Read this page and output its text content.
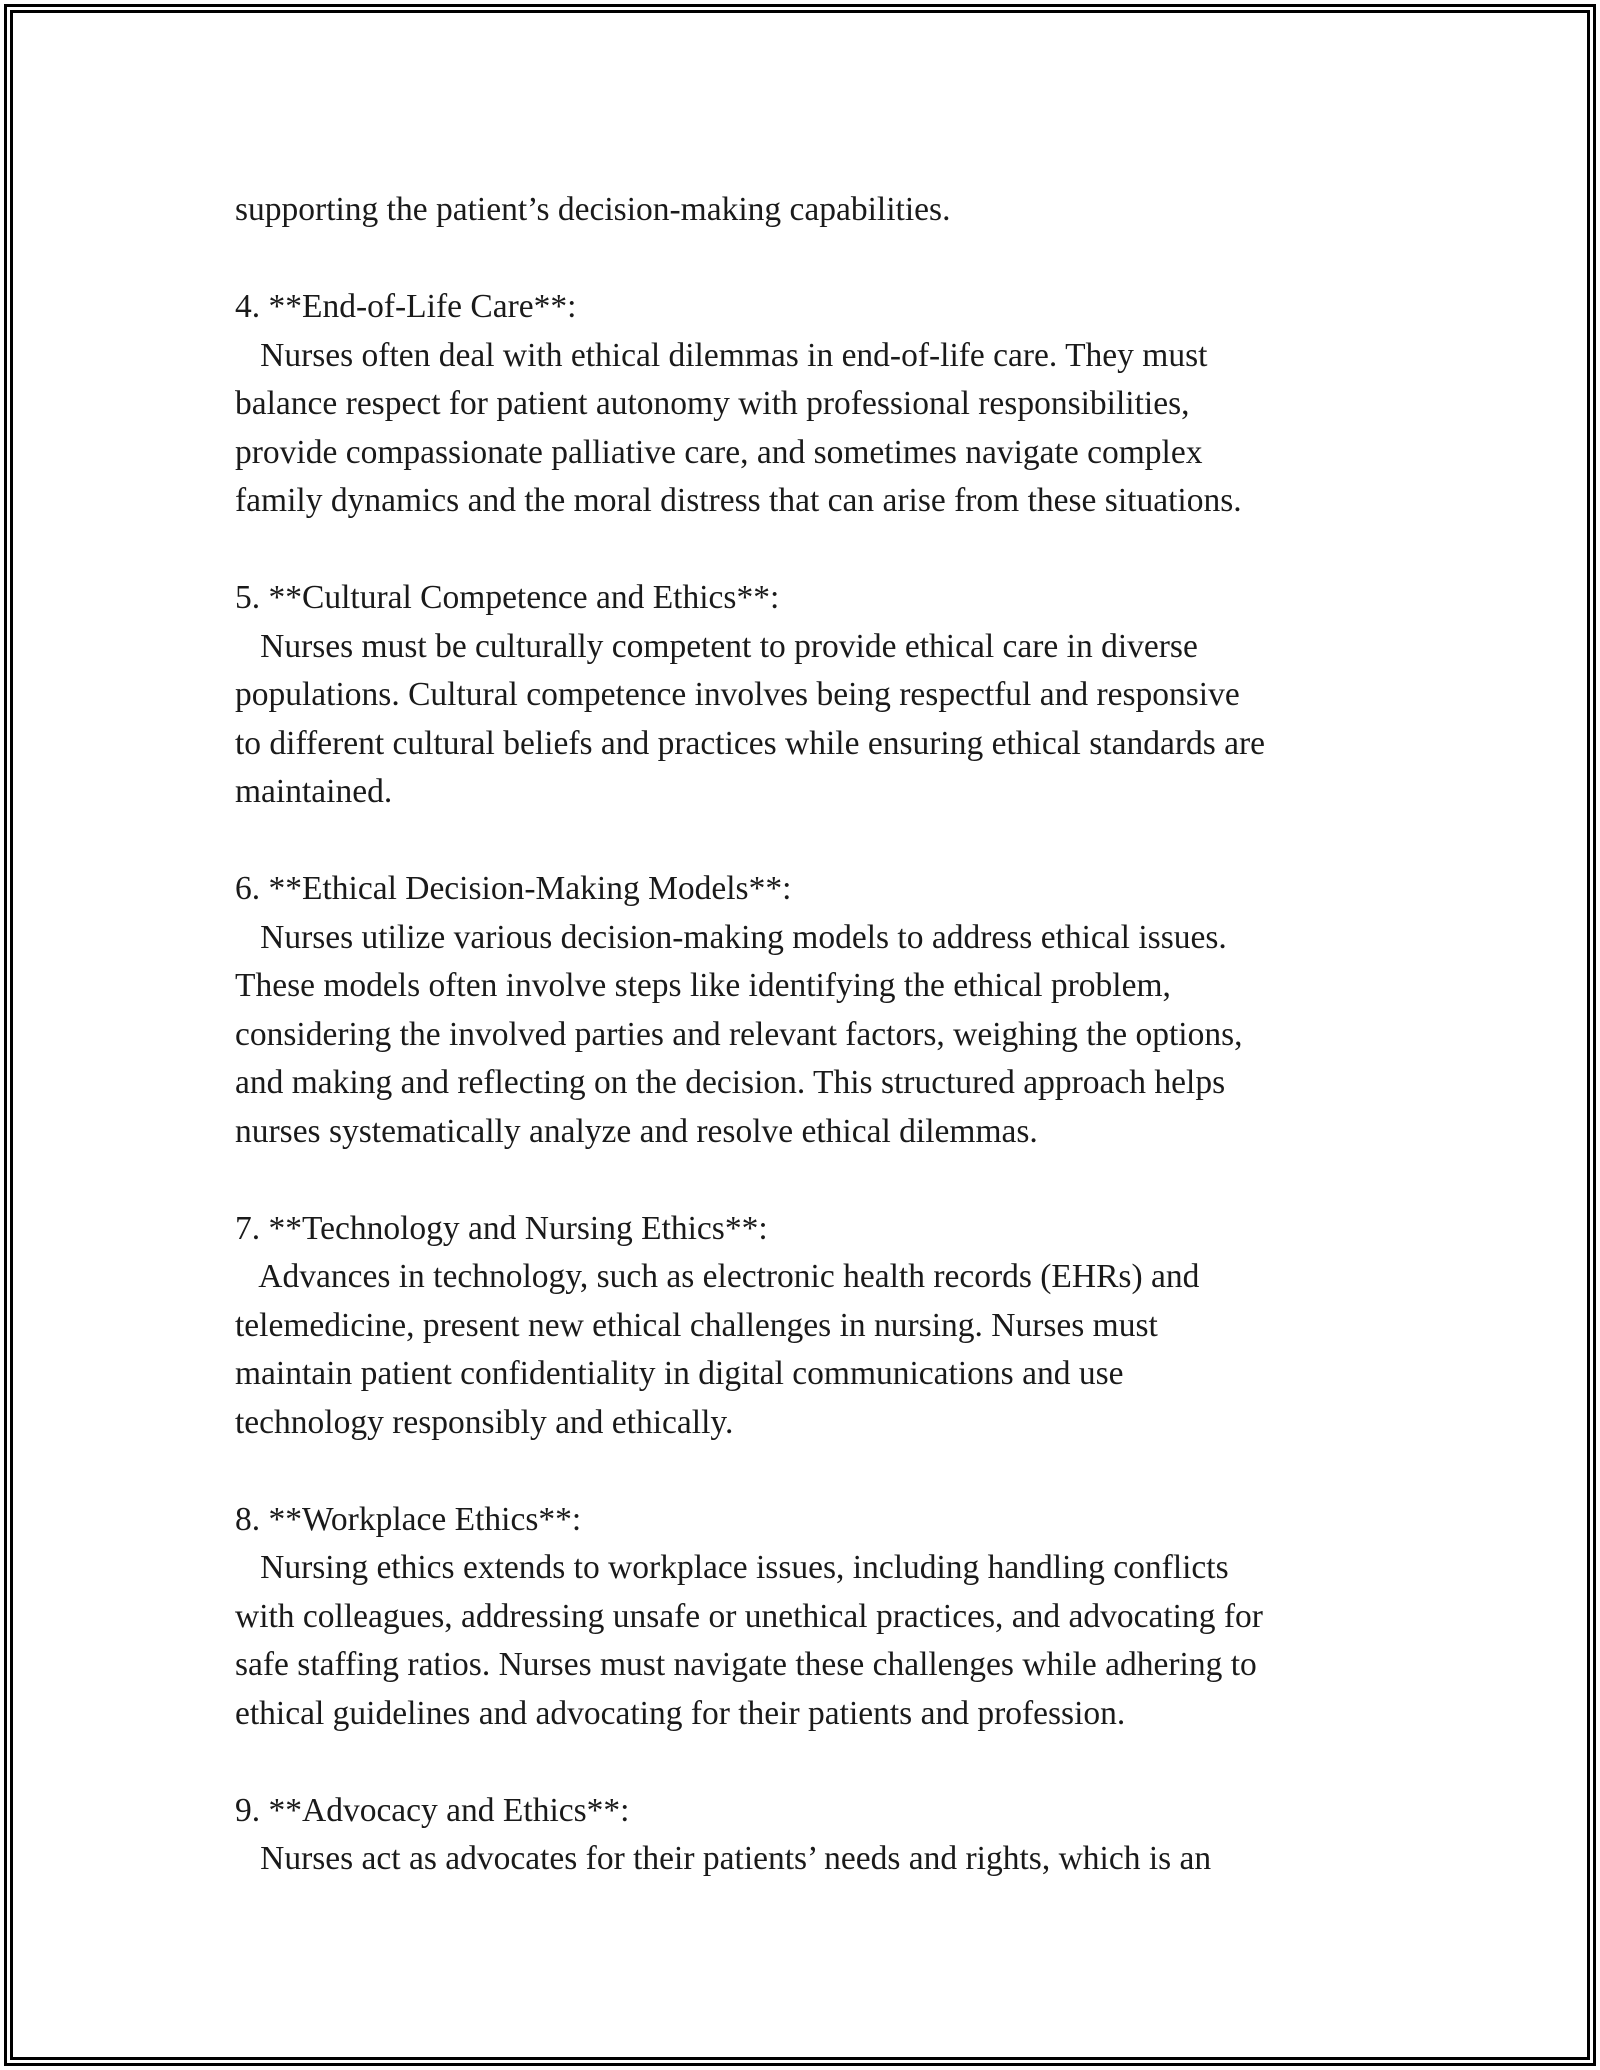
supporting the patient’s decision-making capabilities.
4. **End-of-Life Care**:
Nurses often deal with ethical dilemmas in end-of-life care. They must
balance respect for patient autonomy with professional responsibilities,
provide compassionate palliative care, and sometimes navigate complex
family dynamics and the moral distress that can arise from these situations.
5. **Cultural Competence and Ethics**:
Nurses must be culturally competent to provide ethical care in diverse
populations. Cultural competence involves being respectful and responsive
to different cultural beliefs and practices while ensuring ethical standards are
maintained.
6. **Ethical Decision-Making Models**:
Nurses utilize various decision-making models to address ethical issues.
These models often involve steps like identifying the ethical problem,
considering the involved parties and relevant factors, weighing the options,
and making and reflecting on the decision. This structured approach helps
nurses systematically analyze and resolve ethical dilemmas.
7. **Technology and Nursing Ethics**:
Advances in technology, such as electronic health records (EHRs) and
telemedicine, present new ethical challenges in nursing. Nurses must
maintain patient confidentiality in digital communications and use
technology responsibly and ethically.
8. **Workplace Ethics**:
Nursing ethics extends to workplace issues, including handling conflicts
with colleagues, addressing unsafe or unethical practices, and advocating for
safe staffing ratios. Nurses must navigate these challenges while adhering to
ethical guidelines and advocating for their patients and profession.
9. **Advocacy and Ethics**:
Nurses act as advocates for their patients’ needs and rights, which is an
